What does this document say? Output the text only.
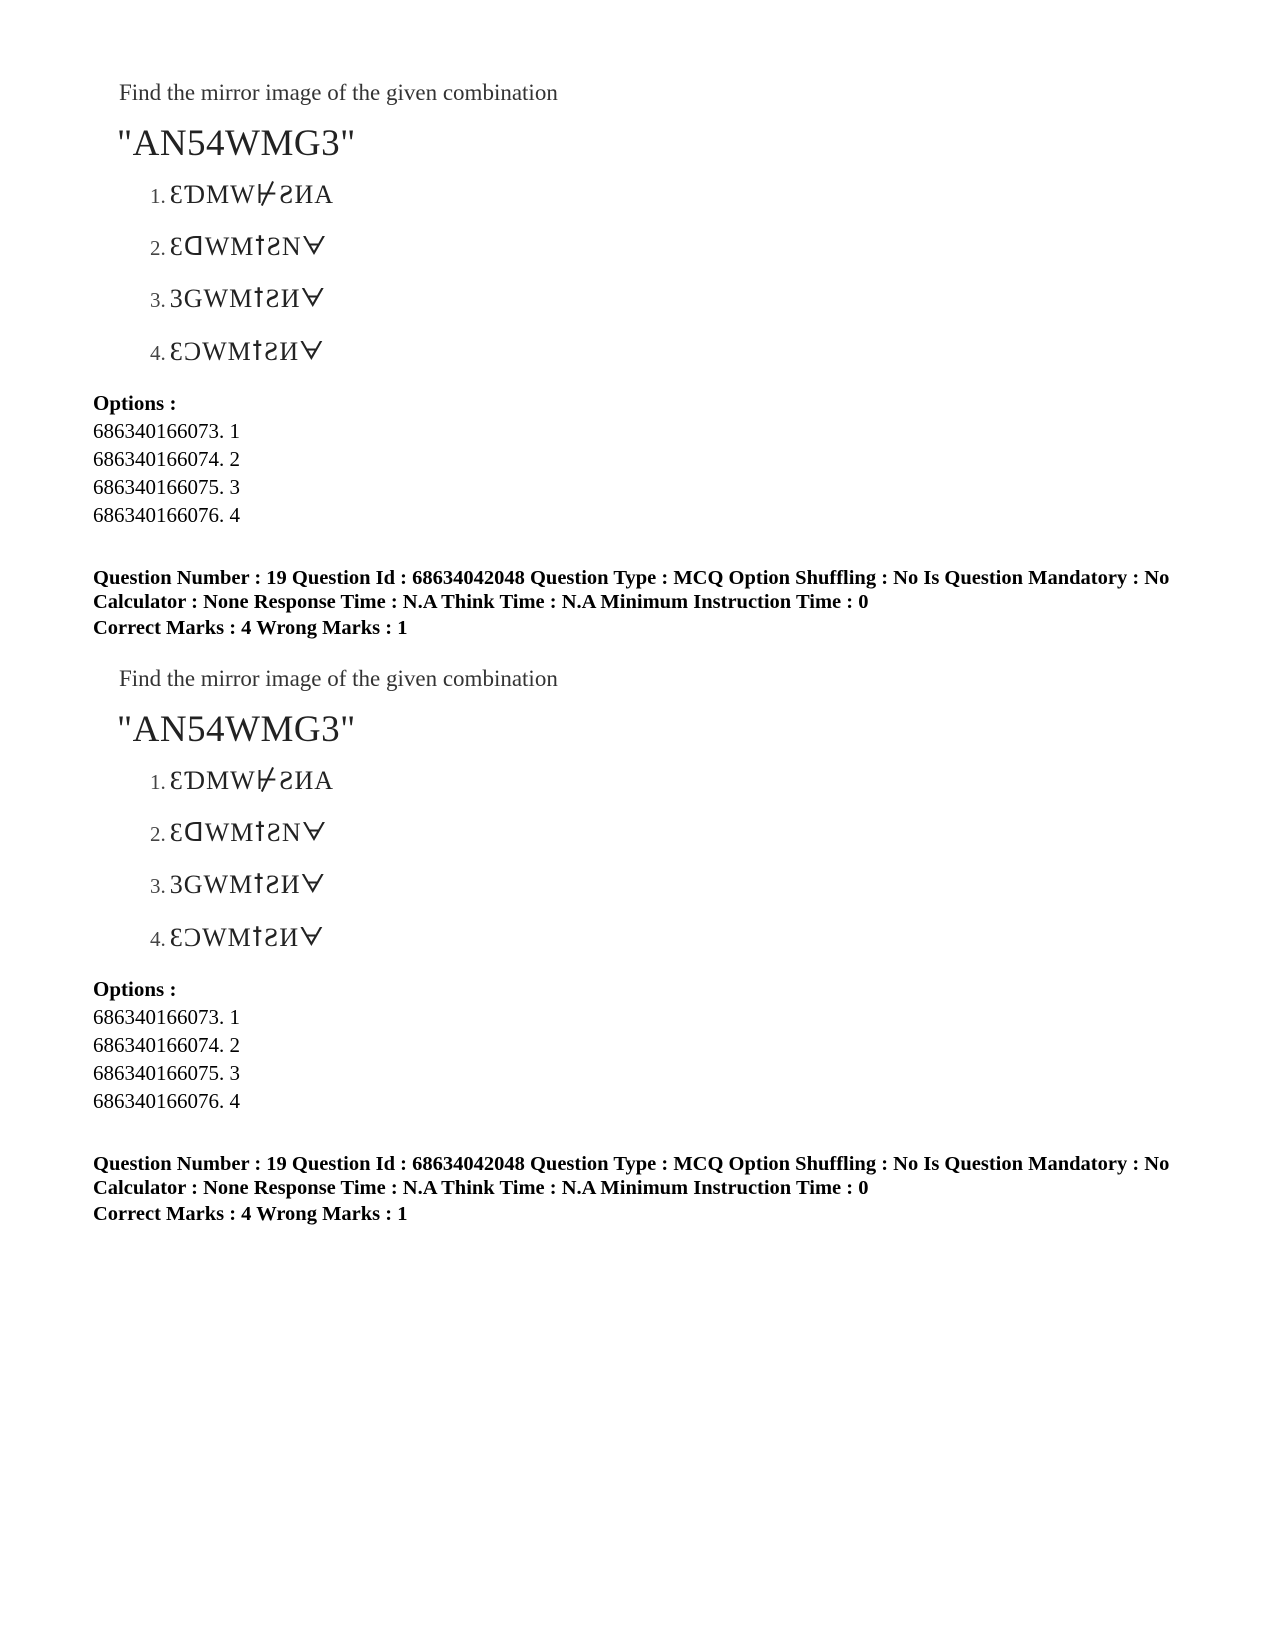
Find the mirror image of the given combination
"AN54WMG3"
1. ƐƊMW⊬ƧИA
2. ƐᗡWMꝉƧNᗄ
3. 3GWMꝉƧИᗄ
4. ƐƆWMꝉƧИᗄ
Options :
686340166073. 1
686340166074. 2
686340166075. 3
686340166076. 4
Question Number : 19 Question Id : 68634042048 Question Type : MCQ Option Shuffling : No Is Question Mandatory : No Calculator : None Response Time : N.A Think Time : N.A Minimum Instruction Time : 0
Correct Marks : 4 Wrong Marks : 1
Find the mirror image of the given combination
"AN54WMG3"
1. ƐƊMW⊬ƧИA
2. ƐᗡWMꝉƧNᗄ
3. 3GWMꝉƧИᗄ
4. ƐƆWMꝉƧИᗄ
Options :
686340166073. 1
686340166074. 2
686340166075. 3
686340166076. 4
Question Number : 19 Question Id : 68634042048 Question Type : MCQ Option Shuffling : No Is Question Mandatory : No Calculator : None Response Time : N.A Think Time : N.A Minimum Instruction Time : 0
Correct Marks : 4 Wrong Marks : 1
